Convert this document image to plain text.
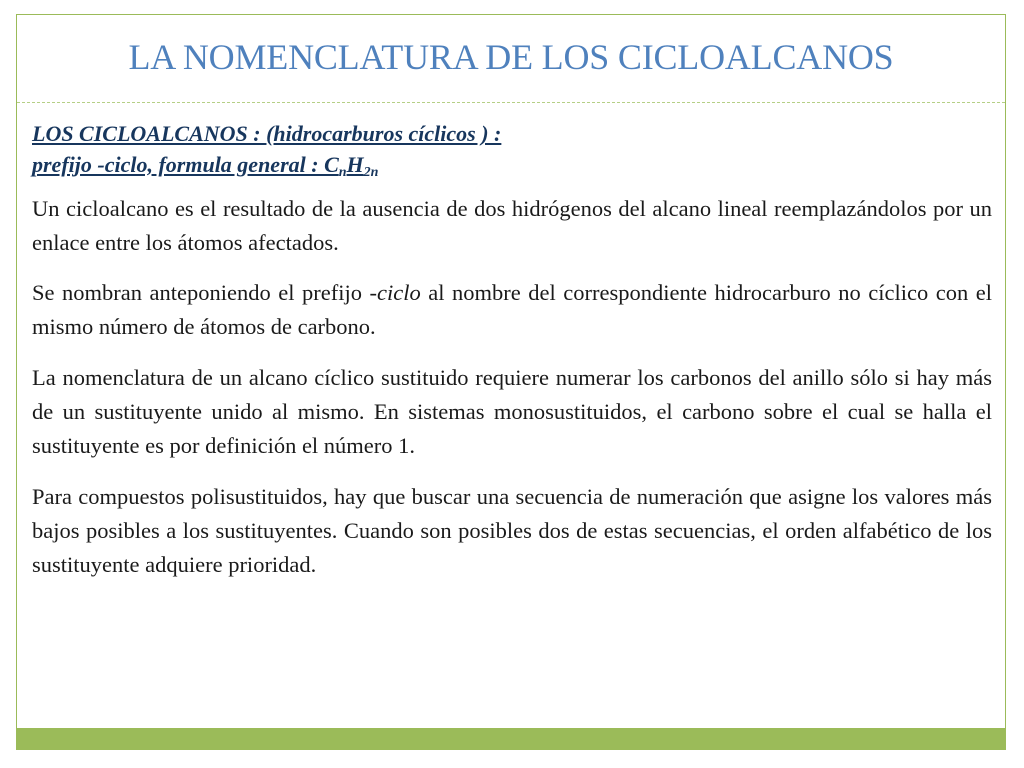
LA NOMENCLATURA DE LOS CICLOALCANOS

LOS CICLOALCANOS : (hidrocarburos cíclicos ) :
prefijo -ciclo, formula general : $C_nH_{2n}$

Un cicloalcano es el resultado de la ausencia de dos hidrógenos del alcano lineal reemplazándolos por un enlace entre los átomos afectados.

Se nombran anteponiendo el prefijo -ciclo al nombre del correspondiente hidrocarburo no cíclico con el mismo número de átomos de carbono.

La nomenclatura de un alcano cíclico sustituido requiere numerar los carbonos del anillo sólo si hay más de un sustituyente unido al mismo. En sistemas monosustituidos, el carbono sobre el cual se halla el sustituyente es por definición el número 1.

Para compuestos polisustituidos, hay que buscar una secuencia de numeración que asigne los valores más bajos posibles a los sustituyentes. Cuando son posibles dos de estas secuencias, el orden alfabético de los sustituyente adquiere prioridad.
